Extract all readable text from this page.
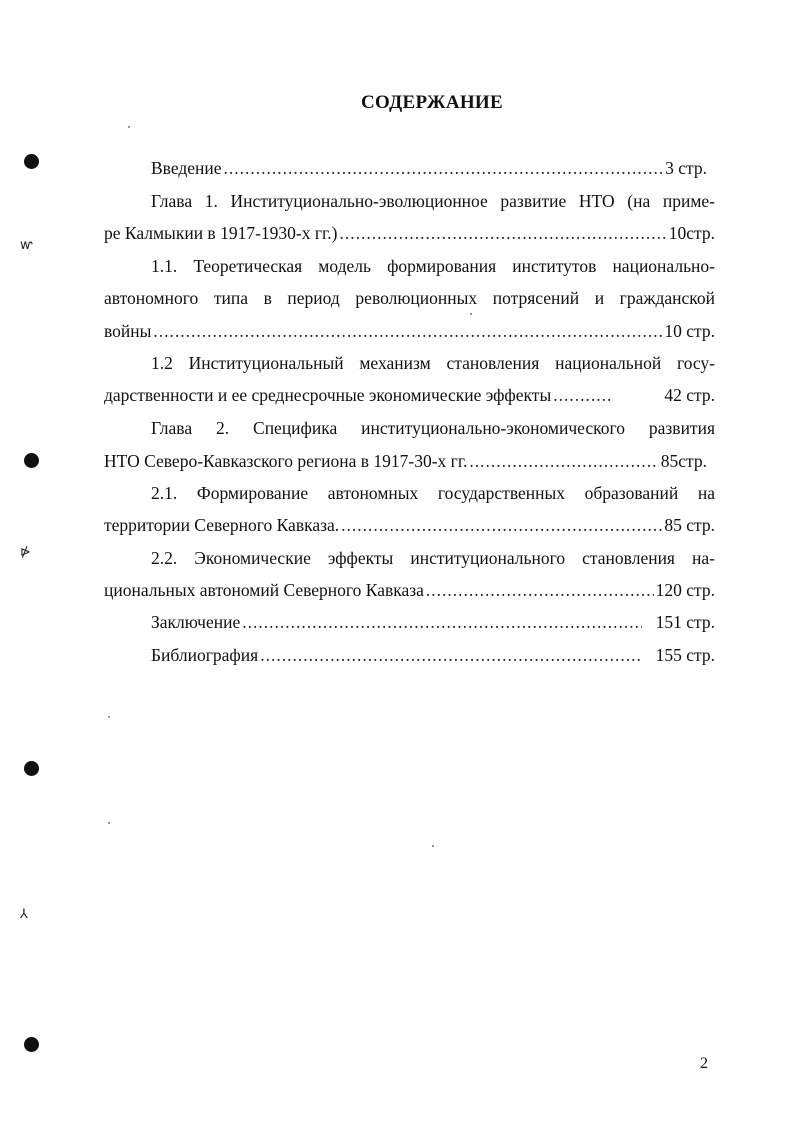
ⱳ
⋫
⅄
СОДЕРЖАНИЕ
Введение .....	3 стр.
Глава 1. Институционально-эволюционное развитие НТО (на приме-
ре Калмыкии в 1917-1930-х гг.) .....	10стр.
1.1. Теоретическая модель формирования институтов национально-
автономного типа в период революционных потрясений и гражданской
войны .....	10 стр.
1.2 Институциональный механизм становления национальной госу-
дарственности и ее среднесрочные экономические эффекты .....	42 стр.
Глава 2. Специфика институционально-экономического развития
НТО Северо-Кавказского региона в 1917-30-х гг. .....	85стр.
2.1. Формирование автономных государственных образований на
территории Северного Кавказа. .....	85 стр.
2.2. Экономические эффекты институционального становления на-
циональных автономий Северного Кавказа .....	120 стр.
Заключение .....	151 стр.
Библиография .....	155 стр.
2
